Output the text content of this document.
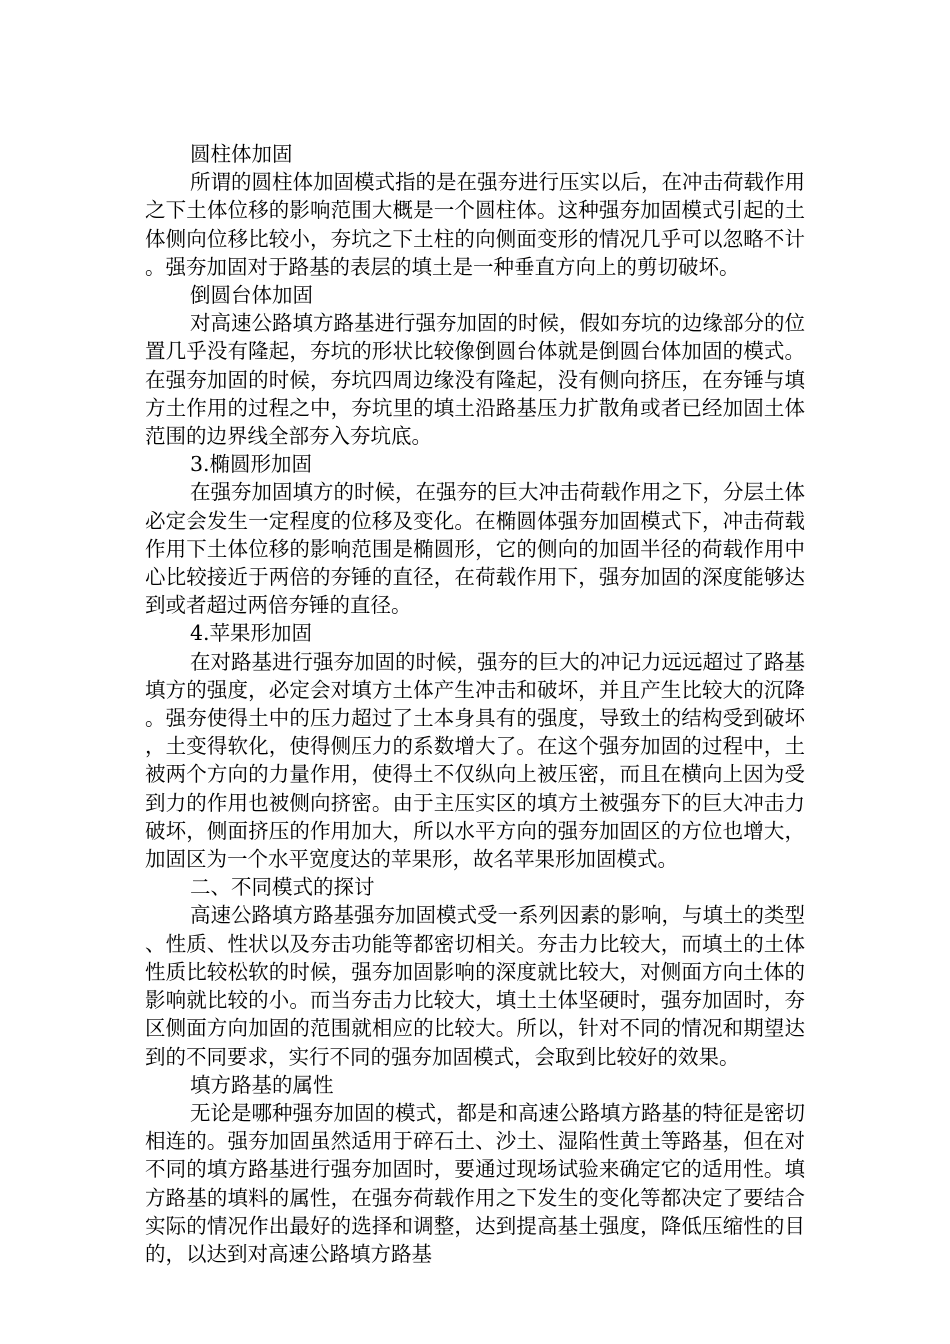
圆柱体加固

所谓的圆柱体加固模式指的是在强夯进行压实以后，在冲击荷载作用之下土体位移的影响范围大概是一个圆柱体。这种强夯加固模式引起的土体侧向位移比较小，夯坑之下土柱的向侧面变形的情况几乎可以忽略不计。强夯加固对于路基的表层的填土是一种垂直方向上的剪切破坏。

倒圆台体加固

对高速公路填方路基进行强夯加固的时候，假如夯坑的边缘部分的位置几乎没有隆起，夯坑的形状比较像倒圆台体就是倒圆台体加固的模式。在强夯加固的时候，夯坑四周边缘没有隆起，没有侧向挤压，在夯锤与填方土作用的过程之中，夯坑里的填土沿路基压力扩散角或者已经加固土体范围的边界线全部夯入夯坑底。

3.椭圆形加固

在强夯加固填方的时候，在强夯的巨大冲击荷载作用之下，分层土体必定会发生一定程度的位移及变化。在椭圆体强夯加固模式下，冲击荷载作用下土体位移的影响范围是椭圆形，它的侧向的加固半径的荷载作用中心比较接近于两倍的夯锤的直径，在荷载作用下，强夯加固的深度能够达到或者超过两倍夯锤的直径。

4.苹果形加固

在对路基进行强夯加固的时候，强夯的巨大的冲记力远远超过了路基填方的强度，必定会对填方土体产生冲击和破坏，并且产生比较大的沉降。强夯使得土中的压力超过了土本身具有的强度，导致土的结构受到破坏，土变得软化，使得侧压力的系数增大了。在这个强夯加固的过程中，土被两个方向的力量作用，使得土不仅纵向上被压密，而且在横向上因为受到力的作用也被侧向挤密。由于主压实区的填方土被强夯下的巨大冲击力破坏，侧面挤压的作用加大，所以水平方向的强夯加固区的方位也增大，加固区为一个水平宽度达的苹果形，故名苹果形加固模式。

二、不同模式的探讨

高速公路填方路基强夯加固模式受一系列因素的影响，与填土的类型、性质、性状以及夯击功能等都密切相关。夯击力比较大，而填土的土体性质比较松软的时候，强夯加固影响的深度就比较大，对侧面方向土体的影响就比较的小。而当夯击力比较大，填土土体坚硬时，强夯加固时，夯区侧面方向加固的范围就相应的比较大。所以，针对不同的情况和期望达到的不同要求，实行不同的强夯加固模式，会取到比较好的效果。

填方路基的属性

无论是哪种强夯加固的模式，都是和高速公路填方路基的特征是密切相连的。强夯加固虽然适用于碎石土、沙土、湿陷性黄土等路基，但在对不同的填方路基进行强夯加固时，要通过现场试验来确定它的适用性。填方路基的填料的属性，在强夯荷载作用之下发生的变化等都决定了要结合实际的情况作出最好的选择和调整，达到提高基土强度，降低压缩性的目的，以达到对高速公路填方路基
